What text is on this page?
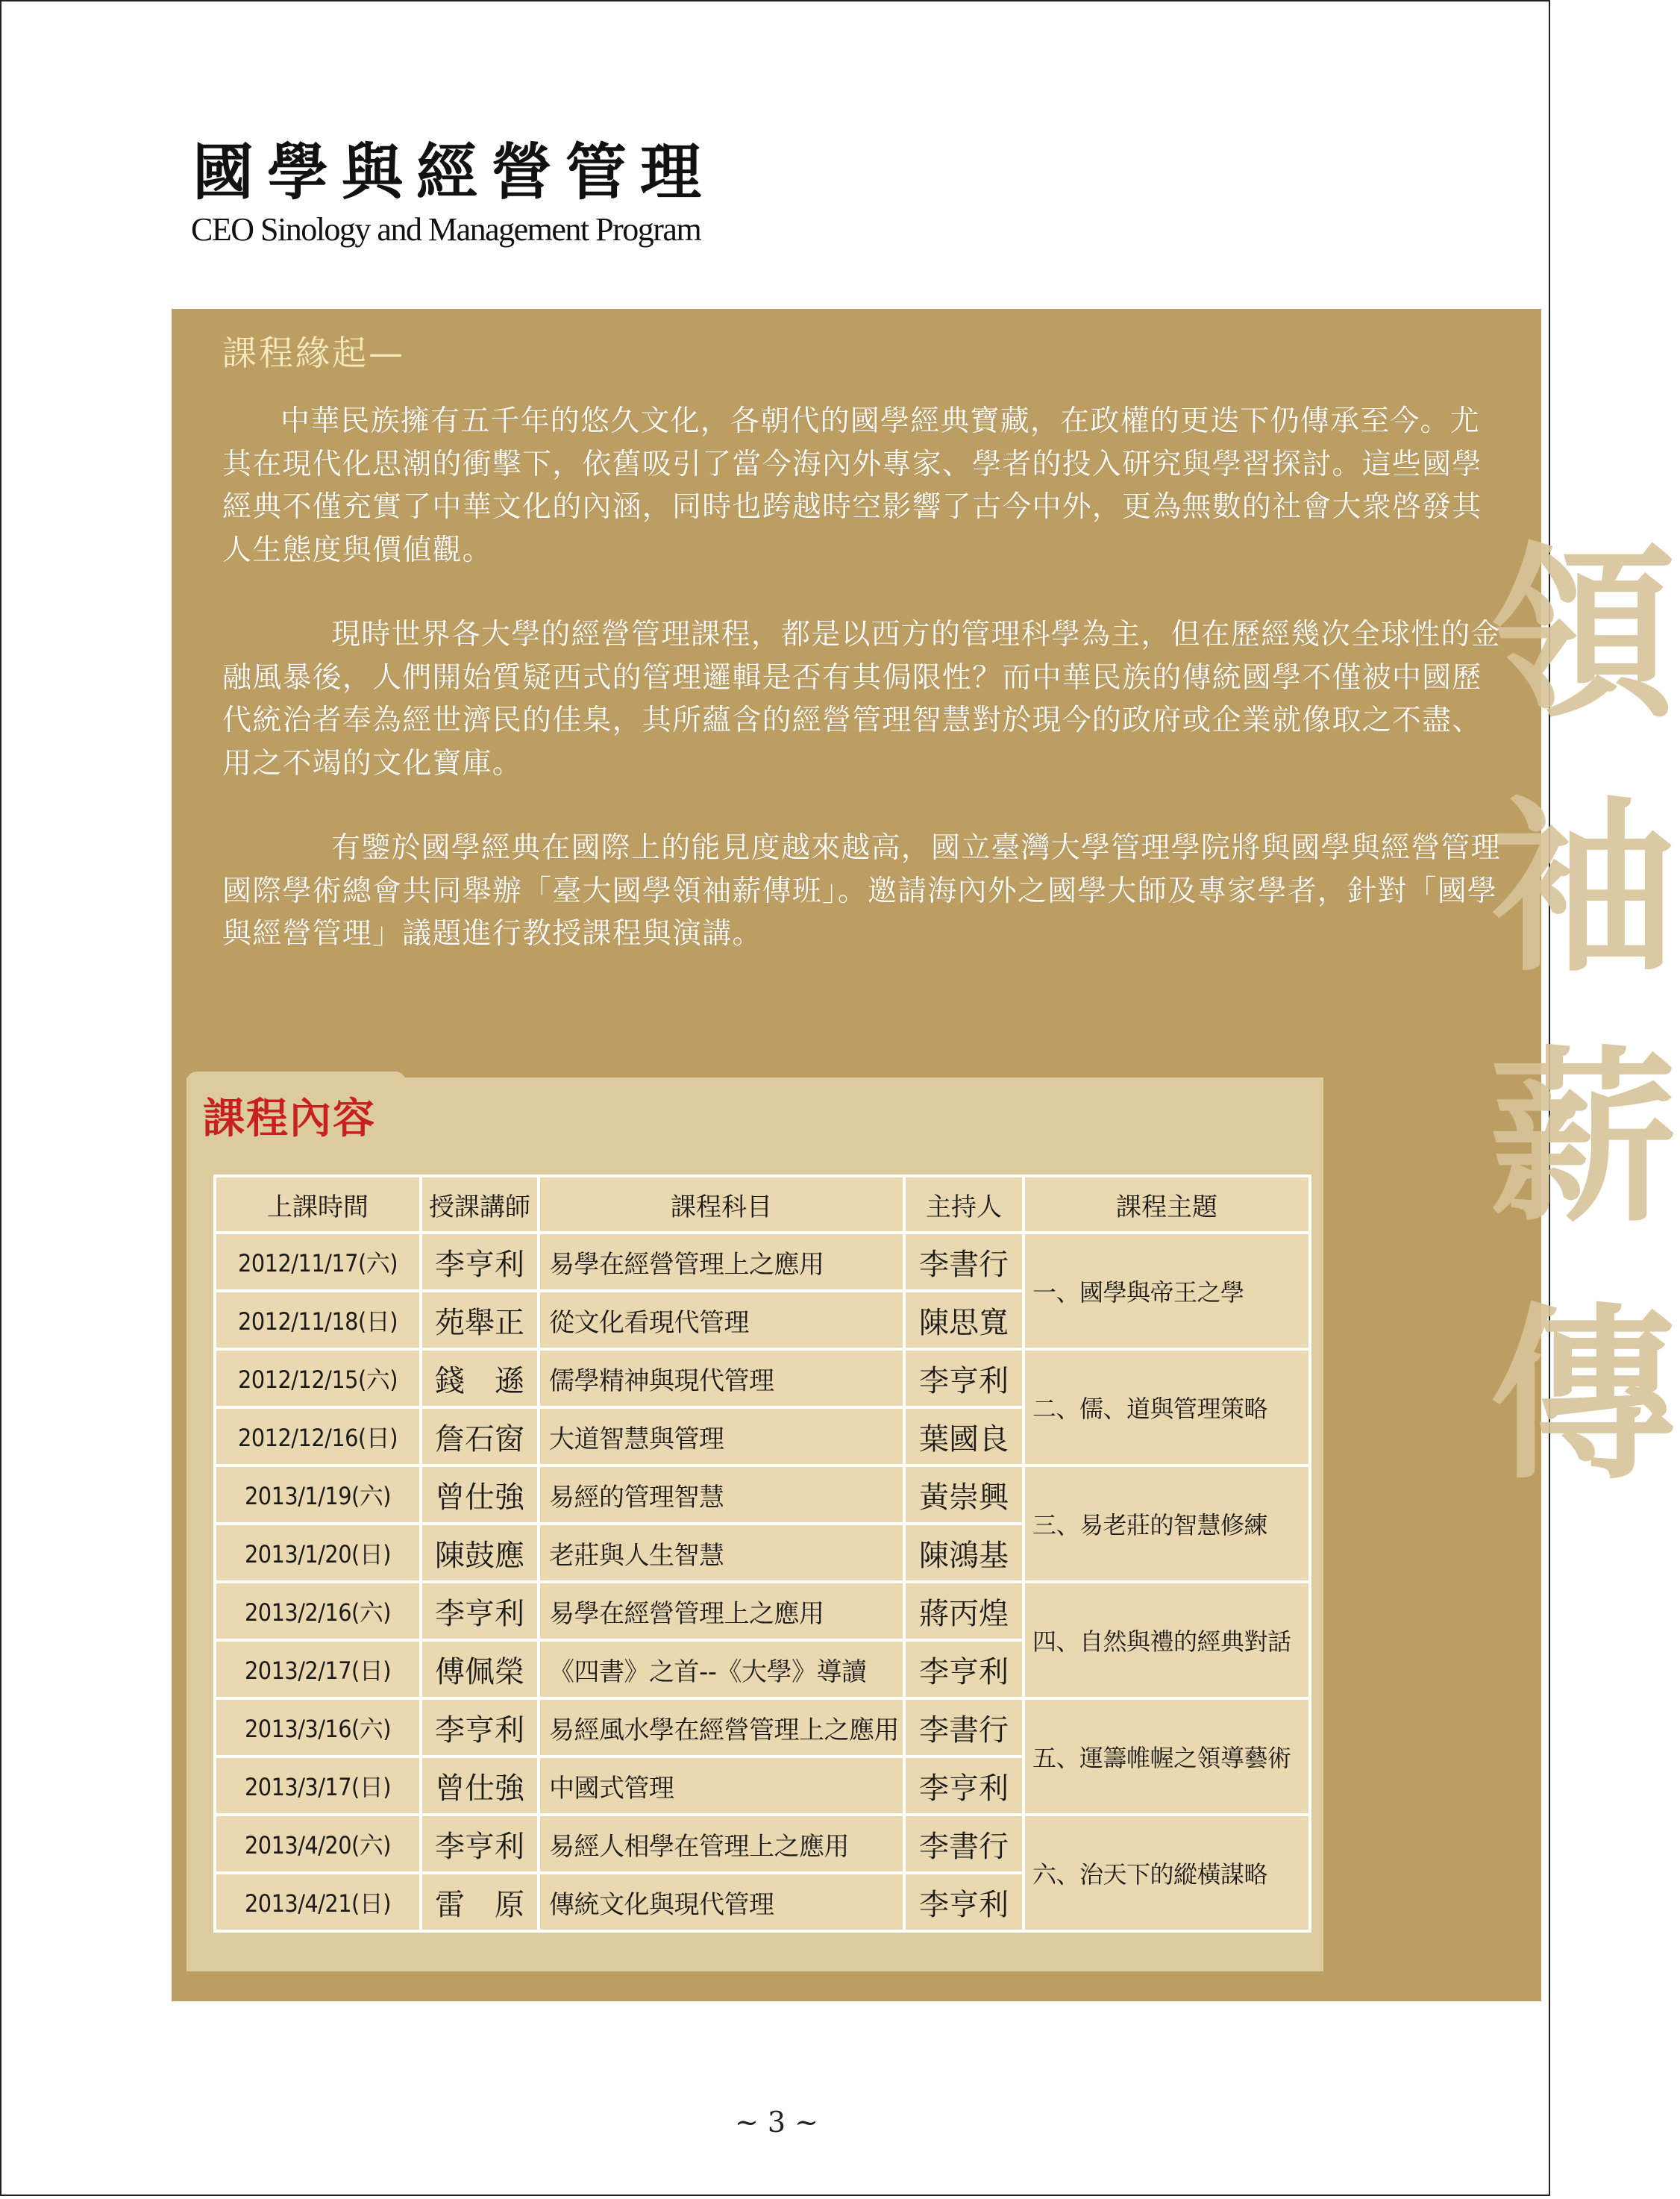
國學與經營管理
CEO Sinology and Management Program
領
袖
薪
傳
課程緣起—

中華民族擁有五千年的悠久文化，各朝代的國學經典寶藏，在政權的更迭下仍傳承至今。尤其在現代化思潮的衝擊下，依舊吸引了當今海內外專家、學者的投入研究與學習探討。這些國學經典不僅充實了中華文化的內涵，同時也跨越時空影響了古今中外，更為無數的社會大衆啓發其人生態度與價値觀。

現時世界各大學的經營管理課程，都是以西方的管理科學為主，但在歷經幾次全球性的金融風暴後，人們開始質疑西式的管理邏輯是否有其侷限性？而中華民族的傳統國學不僅被中國歷代統治者奉為經世濟民的佳臬，其所蘊含的經營管理智慧對於現今的政府或企業就像取之不盡、用之不竭的文化寶庫。

有鑒於國學經典在國際上的能見度越來越高，國立臺灣大學管理學院將與國學與經營管理國際學術總會共同舉辦「臺大國學領袖薪傳班」。邀請海內外之國學大師及專家學者，針對「國學與經營管理」議題進行教授課程與演講。

課程內容
上課時間	授課講師	課程科目	主持人	課程主題
2012/11/17(六)	李亨利	易學在經營管理上之應用	李書行	一、國學與帝王之學
2012/11/18(日)	苑舉正	從文化看現代管理	陳思寬	
2012/12/15(六)	錢　遜	儒學精神與現代管理	李亨利	二、儒、道與管理策略
2012/12/16(日)	詹石窗	大道智慧與管理	葉國良	
2013/1/19(六)	曾仕強	易經的管理智慧	黃崇興	三、易老莊的智慧修練
2013/1/20(日)	陳鼓應	老莊與人生智慧	陳鴻基	
2013/2/16(六)	李亨利	易學在經營管理上之應用	蔣丙煌	四、自然與禮的經典對話
2013/2/17(日)	傅佩榮	《四書》之首--《大學》導讀	李亨利	
2013/3/16(六)	李亨利	易經風水學在經營管理上之應用	李書行	五、運籌帷幄之領導藝術
2013/3/17(日)	曾仕強	中國式管理	李亨利	
2013/4/20(六)	李亨利	易經人相學在管理上之應用	李書行	六、治天下的縱橫謀略
2013/4/21(日)	雷　原	傳統文化與現代管理	李亨利	
~ 3 ~
